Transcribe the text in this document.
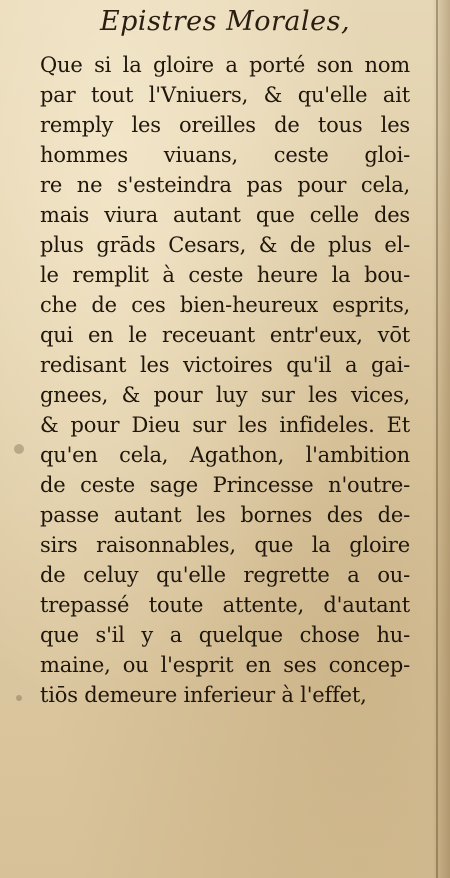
Epistres Morales,
Que si la gloire a porté son nom
par tout l'Vniuers, & qu'elle ait
remply les oreilles de tous les
hommes viuans, ceste gloi-
re ne s'esteindra pas pour cela,
mais viura autant que celle des
plus grāds Cesars, & de plus el-
le remplit à ceste heure la bou-
che de ces bien-heureux esprits,
qui en le receuant entr'eux, vōt
redisant les victoires qu'il a gai-
gnees, & pour luy sur les vices,
& pour Dieu sur les infideles. Et
qu'en cela, Agathon, l'ambition
de ceste sage Princesse n'outre-
passe autant les bornes des de-
sirs raisonnables, que la gloire
de celuy qu'elle regrette a ou-
trepassé toute attente, d'autant
que s'il y a quelque chose hu-
maine, ou l'esprit en ses concep-
tiōs demeure inferieur à l'effet,
